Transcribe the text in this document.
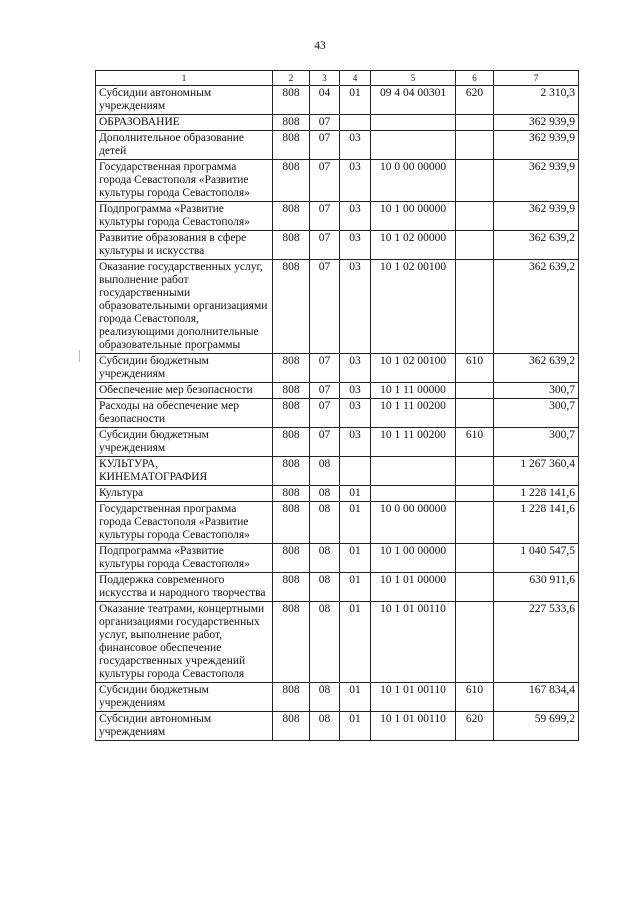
43
1	2	3	4	5	6	7
Субсидии автономным учреждениям	808	04	01	09 4 04 00301	620	2 310,3
ОБРАЗОВАНИЕ	808	07				362 939,9
Дополнительное образование детей	808	07	03			362 939,9
Государственная программа города Севастополя «Развитие культуры города Севастополя»	808	07	03	10 0 00 00000		362 939,9
Подпрограмма «Развитие культуры города Севастополя»	808	07	03	10 1 00 00000		362 939,9
Развитие образования в сфере культуры и искусства	808	07	03	10 1 02 00000		362 639,2
Оказание государственных услуг, выполнение работ государственными образовательными организациями города Севастополя, реализующими дополнительные образовательные программы	808	07	03	10 1 02 00100		362 639,2
Субсидии бюджетным учреждениям	808	07	03	10 1 02 00100	610	362 639,2
Обеспечение мер безопасности	808	07	03	10 1 11 00000		300,7
Расходы на обеспечение мер безопасности	808	07	03	10 1 11 00200		300,7
Субсидии бюджетным учреждениям	808	07	03	10 1 11 00200	610	300,7
КУЛЬТУРА, КИНЕМАТОГРАФИЯ	808	08				1 267 360,4
Культура	808	08	01			1 228 141,6
Государственная программа города Севастополя «Развитие культуры города Севастополя»	808	08	01	10 0 00 00000		1 228 141,6
Подпрограмма «Развитие культуры города Севастополя»	808	08	01	10 1 00 00000		1 040 547,5
Поддержка современного искусства и народного творчества	808	08	01	10 1 01 00000		630 911,6
Оказание театрами, концертными организациями государственных услуг, выполнение работ, финансовое обеспечение государственных учреждений культуры города Севастополя	808	08	01	10 1 01 00110		227 533,6
Субсидии бюджетным учреждениям	808	08	01	10 1 01 00110	610	167 834,4
Субсидии автономным учреждениям	808	08	01	10 1 01 00110	620	59 699,2
